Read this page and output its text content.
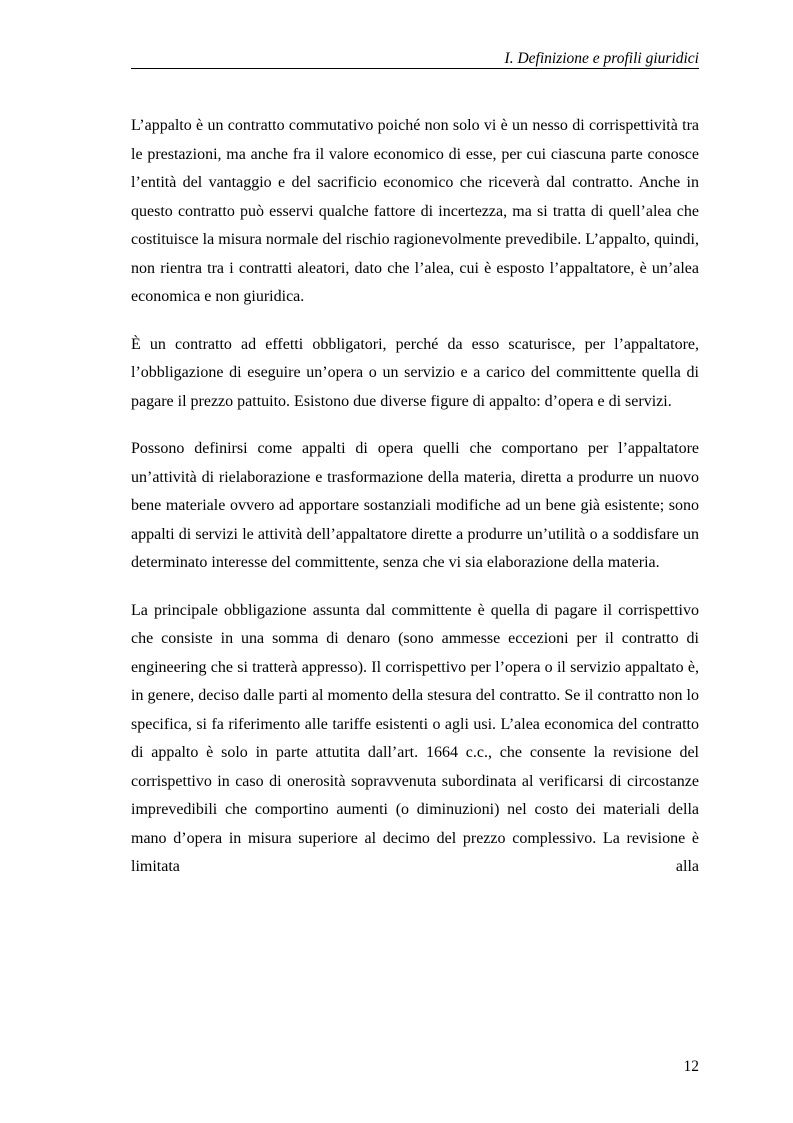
I. Definizione e profili giuridici

L’appalto è un contratto commutativo poiché non solo vi è un nesso di corrispettività tra le prestazioni, ma anche fra il valore economico di esse, per cui ciascuna parte conosce l’entità del vantaggio e del sacrificio economico che riceverà dal contratto. Anche in questo contratto può esservi qualche fattore di incertezza, ma si tratta di quell’alea che costituisce la misura normale del rischio ragionevolmente prevedibile. L’appalto, quindi, non rientra tra i contratti aleatori, dato che l’alea, cui è esposto l’appaltatore, è un’alea economica e non giuridica.

È un contratto ad effetti obbligatori, perché da esso scaturisce, per l’appaltatore, l’obbligazione di eseguire un’opera o un servizio e a carico del committente quella di pagare il prezzo pattuito. Esistono due diverse figure di appalto: d’opera e di servizi.

Possono definirsi come appalti di opera quelli che comportano per l’appaltatore un’attività di rielaborazione e trasformazione della materia, diretta a produrre un nuovo bene materiale ovvero ad apportare sostanziali modifiche ad un bene già esistente; sono appalti di servizi le attività dell’appaltatore dirette a produrre un’utilità o a soddisfare un determinato interesse del committente, senza che vi sia elaborazione della materia.

La principale obbligazione assunta dal committente è quella di pagare il corrispettivo che consiste in una somma di denaro (sono ammesse eccezioni per il contratto di engineering che si tratterà appresso). Il corrispettivo per l’opera o il servizio appaltato è, in genere, deciso dalle parti al momento della stesura del contratto. Se il contratto non lo specifica, si fa riferimento alle tariffe esistenti o agli usi. L’alea economica del contratto di appalto è solo in parte attutita dall’art. 1664 c.c., che consente la revisione del corrispettivo in caso di onerosità sopravvenuta subordinata al verificarsi di circostanze imprevedibili che comportino aumenti (o diminuzioni) nel costo dei materiali della mano d’opera in misura superiore al decimo del prezzo complessivo. La revisione è limitata alla

12
